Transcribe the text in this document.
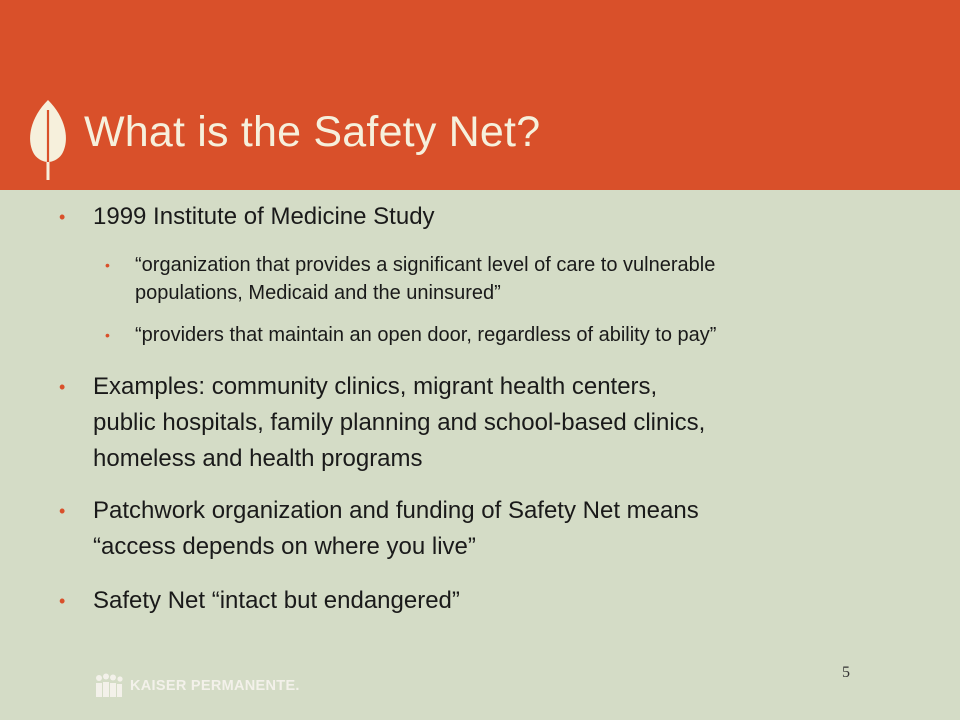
What is the Safety Net?
• 1999 Institute of Medicine Study
• “organization that provides a significant level of care to vulnerable
populations, Medicaid and the uninsured”
• “providers that maintain an open door, regardless of ability to pay”
• Examples: community clinics, migrant health centers,
public hospitals, family planning and school-based clinics,
homeless and health programs
• Patchwork organization and funding of Safety Net means
“access depends on where you live”
• Safety Net “intact but endangered”
5
KAISER PERMANENTE.
